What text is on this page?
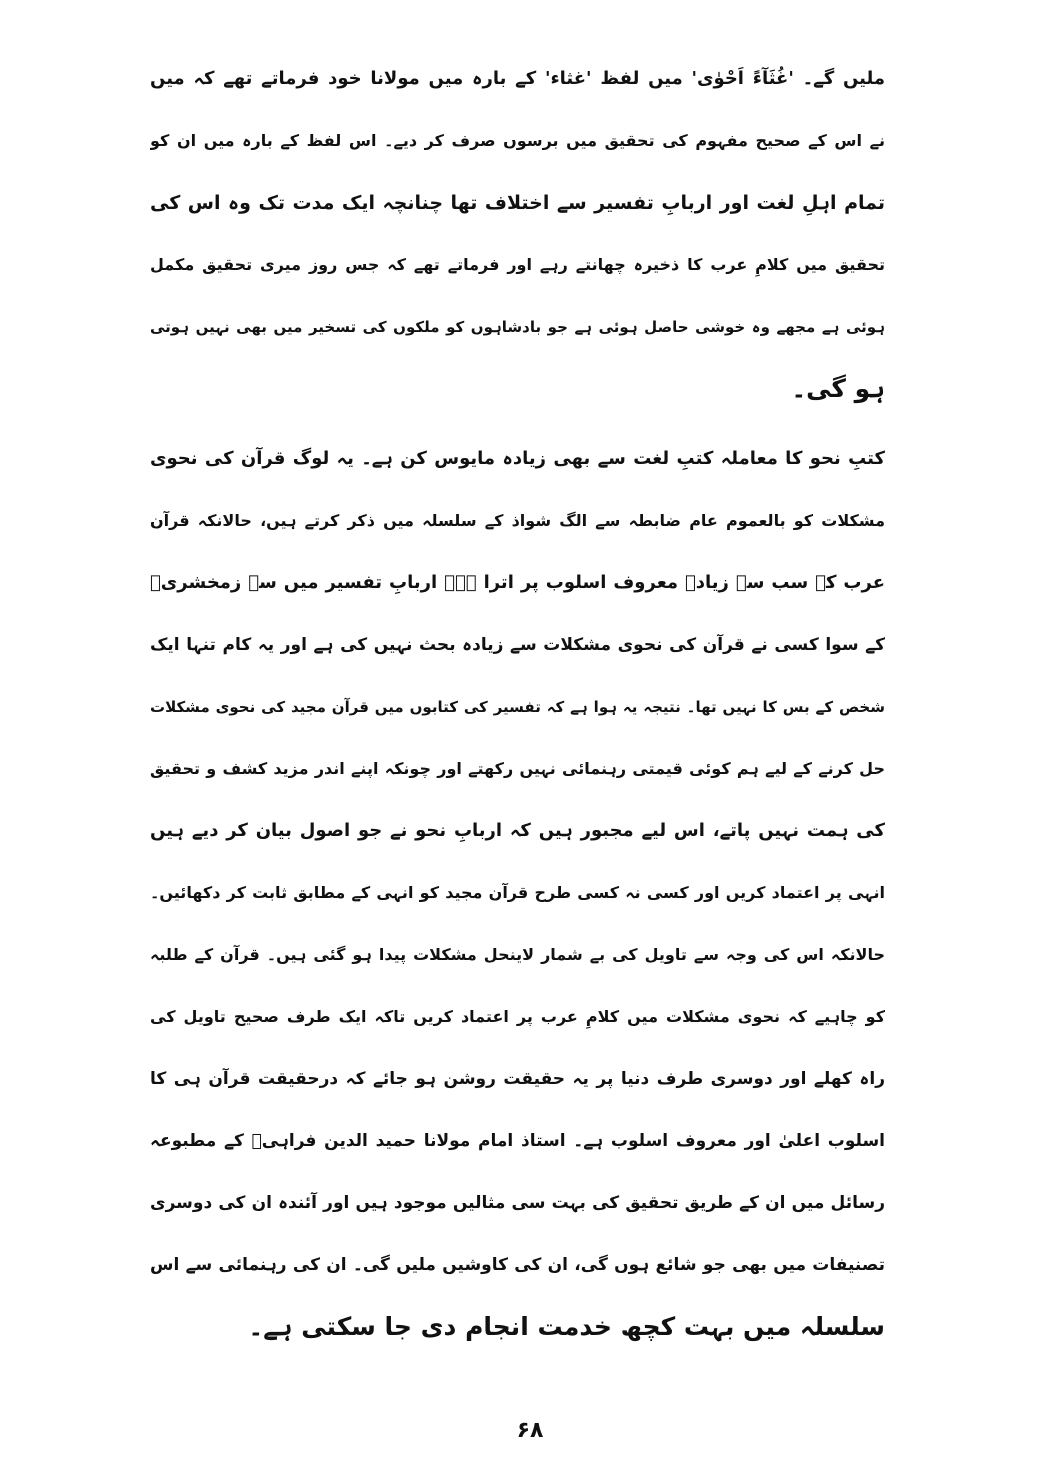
ملیں گے۔ 'غُثَآءً اَحْوٰی' میں لفظ 'غثاء' کے بارہ میں مولانا خود فرماتے تھے کہ میں
نے اس کے صحیح مفہوم کی تحقیق میں برسوں صرف کر دیے۔ اس لفظ کے بارہ میں ان کو
تمام اہلِ لغت اور اربابِ تفسیر سے اختلاف تھا چنانچہ ایک مدت تک وہ اس کی
تحقیق میں کلامِ عرب کا ذخیرہ چھانتے رہے اور فرماتے تھے کہ جس روز میری تحقیق مکمل
ہوئی ہے مجھے وہ خوشی حاصل ہوئی ہے جو بادشاہوں کو ملکوں کی تسخیر میں بھی نہیں ہوتی
ہو گی۔
کتبِ نحو کا معاملہ کتبِ لغت سے بھی زیادہ مایوس کن ہے۔ یہ لوگ قرآن کی نحوی
مشکلات کو بالعموم عام ضابطہ سے الگ شواذ کے سلسلہ میں ذکر کرتے ہیں، حالانکہ قرآن
عرب کے سب سے زیادہ معروف اسلوب پر اترا ہے۔ اربابِ تفسیر میں سے زمخشریؒ
کے سوا کسی نے قرآن کی نحوی مشکلات سے زیادہ بحث نہیں کی ہے اور یہ کام تنہا ایک
شخص کے بس کا نہیں تھا۔ نتیجہ یہ ہوا ہے کہ تفسیر کی کتابوں میں قرآن مجید کی نحوی مشکلات
حل کرنے کے لیے ہم کوئی قیمتی رہنمائی نہیں رکھتے اور چونکہ اپنے اندر مزید کشف و تحقیق
کی ہمت نہیں پاتے، اس لیے مجبور ہیں کہ اربابِ نحو نے جو اصول بیان کر دیے ہیں
انہی پر اعتماد کریں اور کسی نہ کسی طرح قرآن مجید کو انہی کے مطابق ثابت کر دکھائیں۔
حالانکہ اس کی وجہ سے تاویل کی بے شمار لاینحل مشکلات پیدا ہو گئی ہیں۔ قرآن کے طلبہ
کو چاہیے کہ نحوی مشکلات میں کلامِ عرب پر اعتماد کریں تاکہ ایک طرف صحیح تاویل کی
راہ کھلے اور دوسری طرف دنیا پر یہ حقیقت روشن ہو جائے کہ درحقیقت قرآن ہی کا
اسلوب اعلیٰ اور معروف اسلوب ہے۔ استاذ امام مولانا حمید الدین فراہیؒ کے مطبوعہ
رسائل میں ان کے طریق تحقیق کی بہت سی مثالیں موجود ہیں اور آئندہ ان کی دوسری
تصنیفات میں بھی جو شائع ہوں گی، ان کی کاوشیں ملیں گی۔ ان کی رہنمائی سے اس
سلسلہ میں بہت کچھ خدمت انجام دی جا سکتی ہے۔
۶۸
